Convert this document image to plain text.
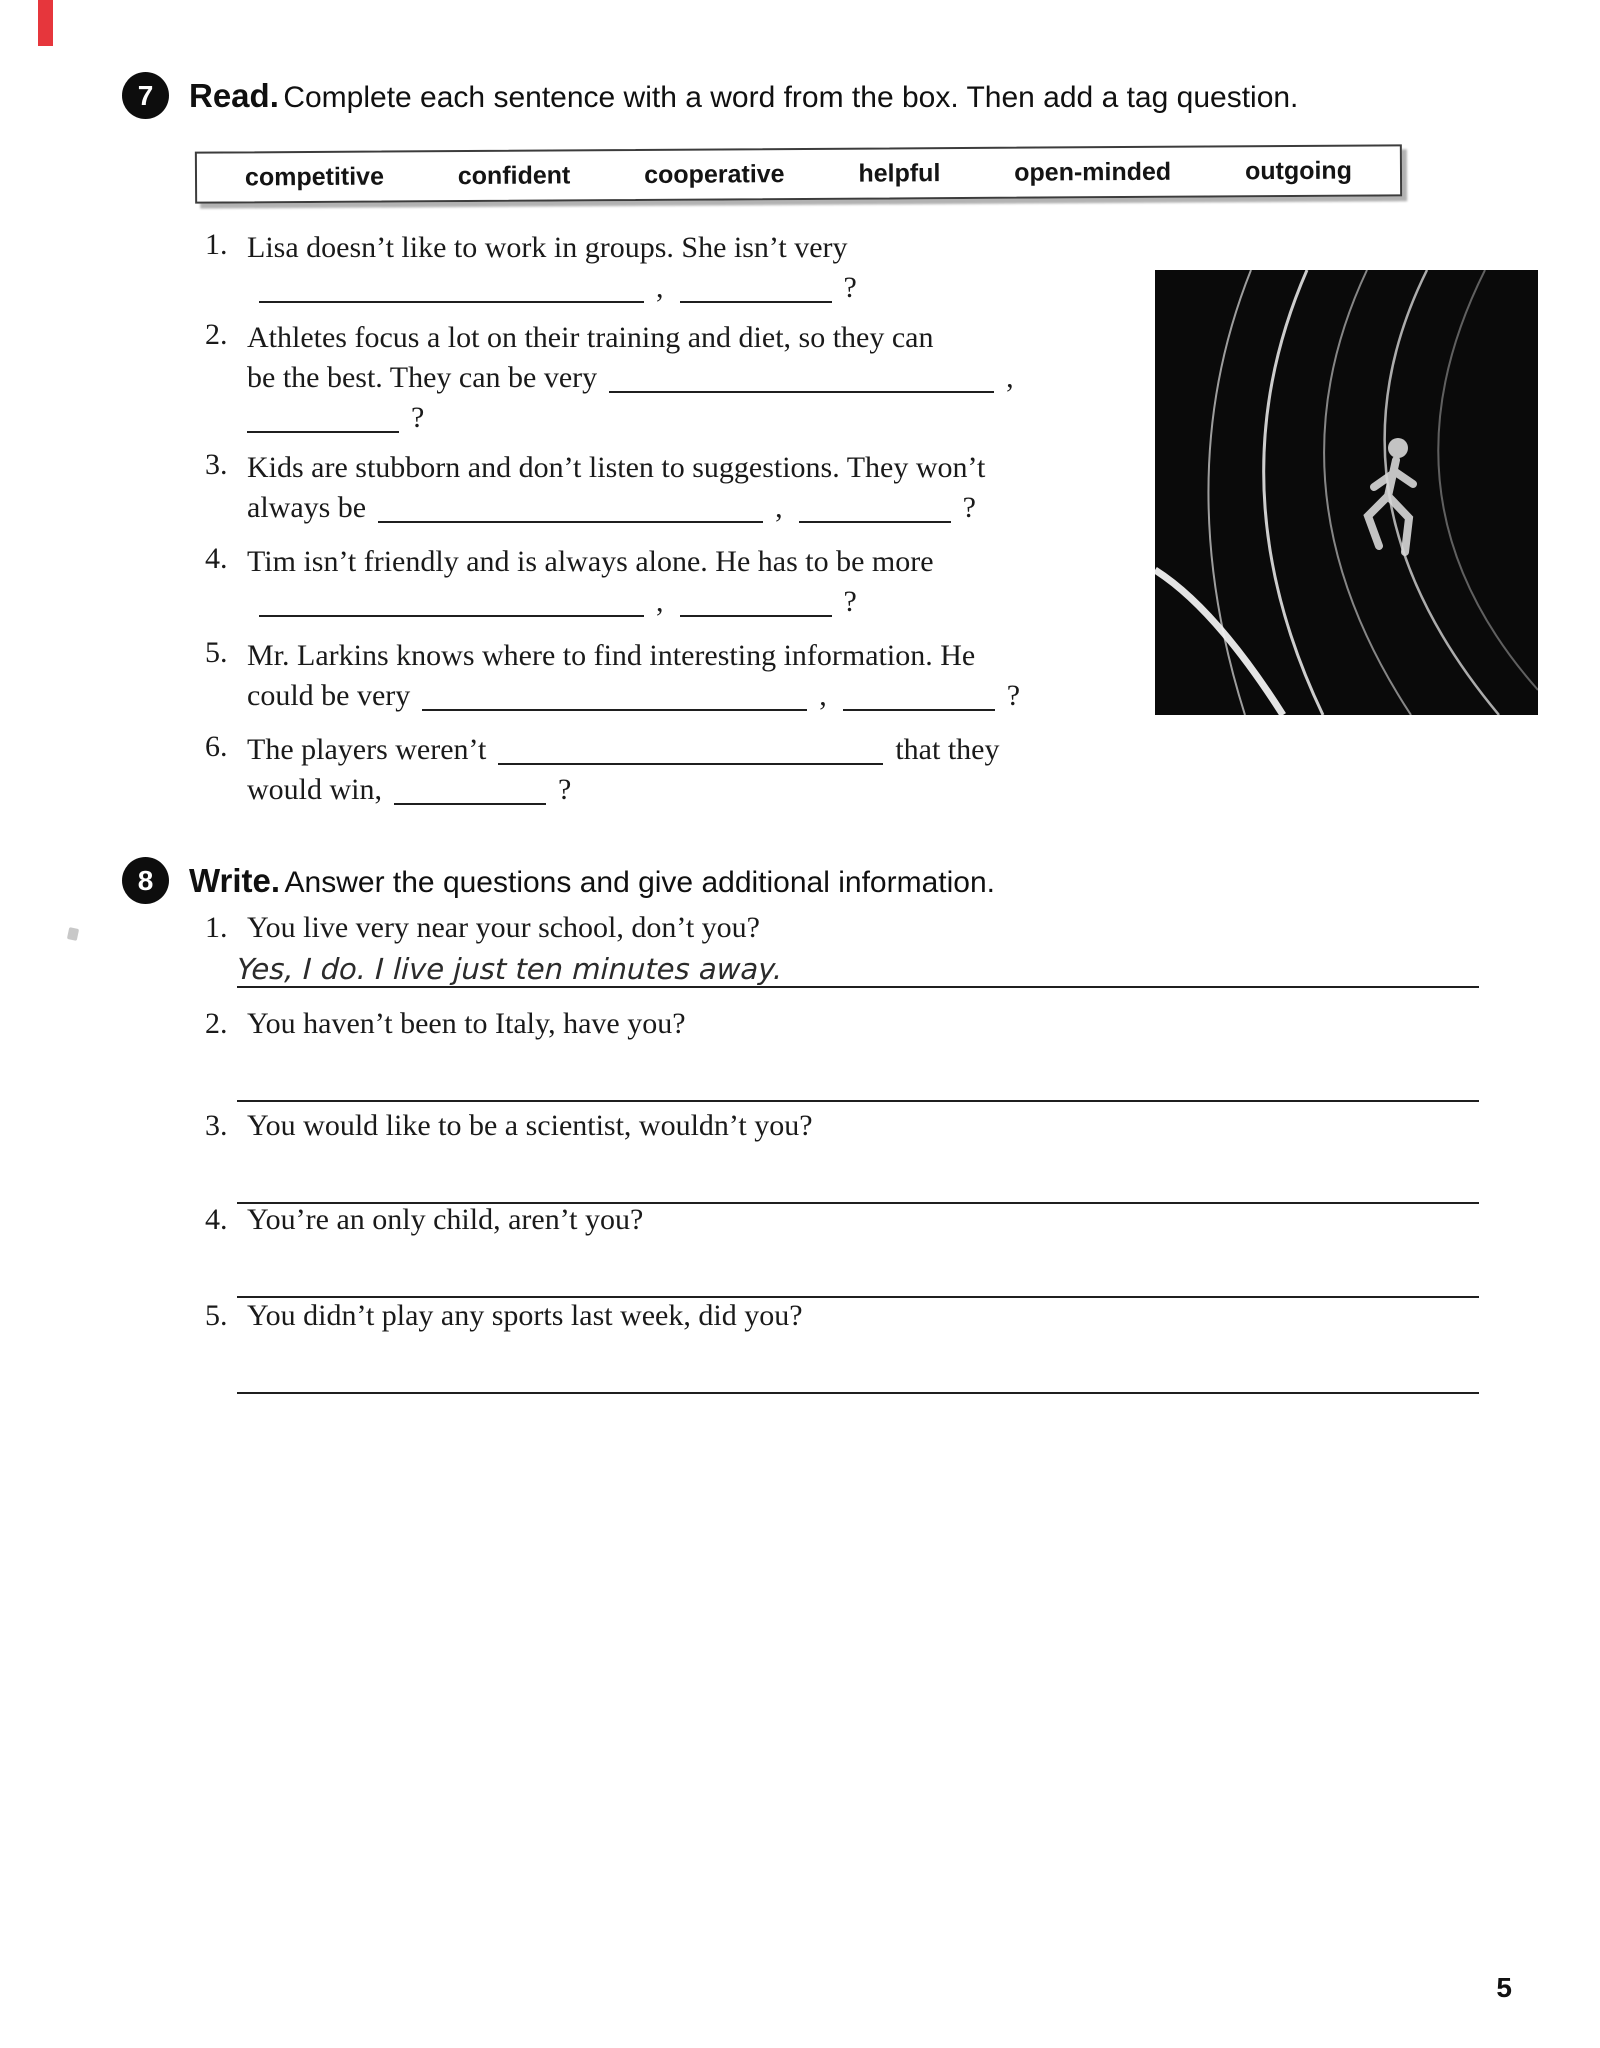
7	Read. Complete each sentence with a word from the box. Then add a tag question.
competitive	confident	cooperative	helpful	open-minded	outgoing
1. Lisa doesn’t like to work in groups. She isn’t very
,	?
2. Athletes focus a lot on their training and diet, so they can
be the best. They can be very	,
?
3. Kids are stubborn and don’t listen to suggestions. They won’t
always be	,	?
4. Tim isn’t friendly and is always alone. He has to be more
,	?
5. Mr. Larkins knows where to find interesting information. He
could be very	,	?
6. The players weren’t	that they
would win,	?
8	Write. Answer the questions and give additional information.
1. You live very near your school, don’t you?
Yes, I do. I live just ten minutes away.
2. You haven’t been to Italy, have you?
3. You would like to be a scientist, wouldn’t you?
4. You’re an only child, aren’t you?
5. You didn’t play any sports last week, did you?
5
